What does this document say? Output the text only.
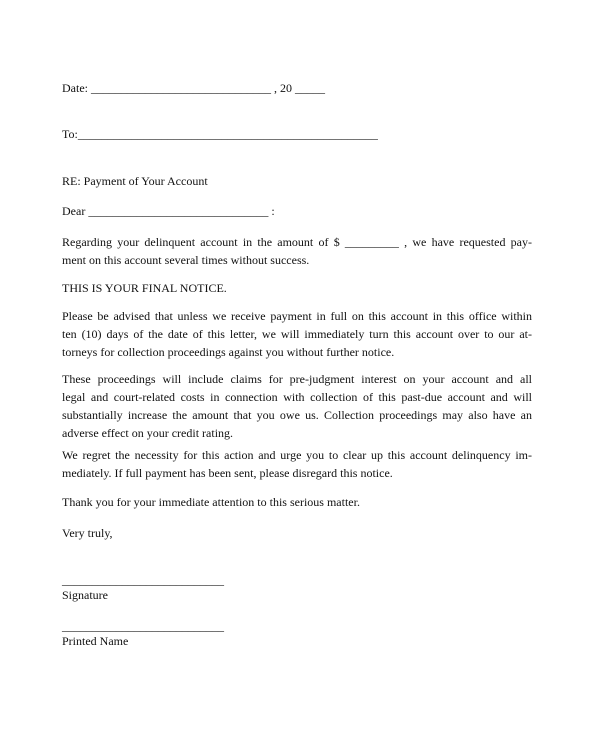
Date: ______________________________ , 20 _____
To:__________________________________________________
RE: Payment of Your Account
Dear ______________________________ :
Regarding your delinquent account in the amount of $ _________ , we have requested pay-
ment on this account several times without success.
THIS IS YOUR FINAL NOTICE.
Please be advised that unless we receive payment in full on this account in this office within
ten (10) days of the date of this letter, we will immediately turn this account over to our at-
torneys for collection proceedings against you without further notice.
These proceedings will include claims for pre-judgment interest on your account and all
legal and court-related costs in connection with collection of this past-due account and will
substantially increase the amount that you owe us. Collection proceedings may also have an
adverse effect on your credit rating.
We regret the necessity for this action and urge you to clear up this account delinquency im-
mediately. If full payment has been sent, please disregard this notice.
Thank you for your immediate attention to this serious matter.
Very truly,
___________________________
Signature
___________________________
Printed Name
